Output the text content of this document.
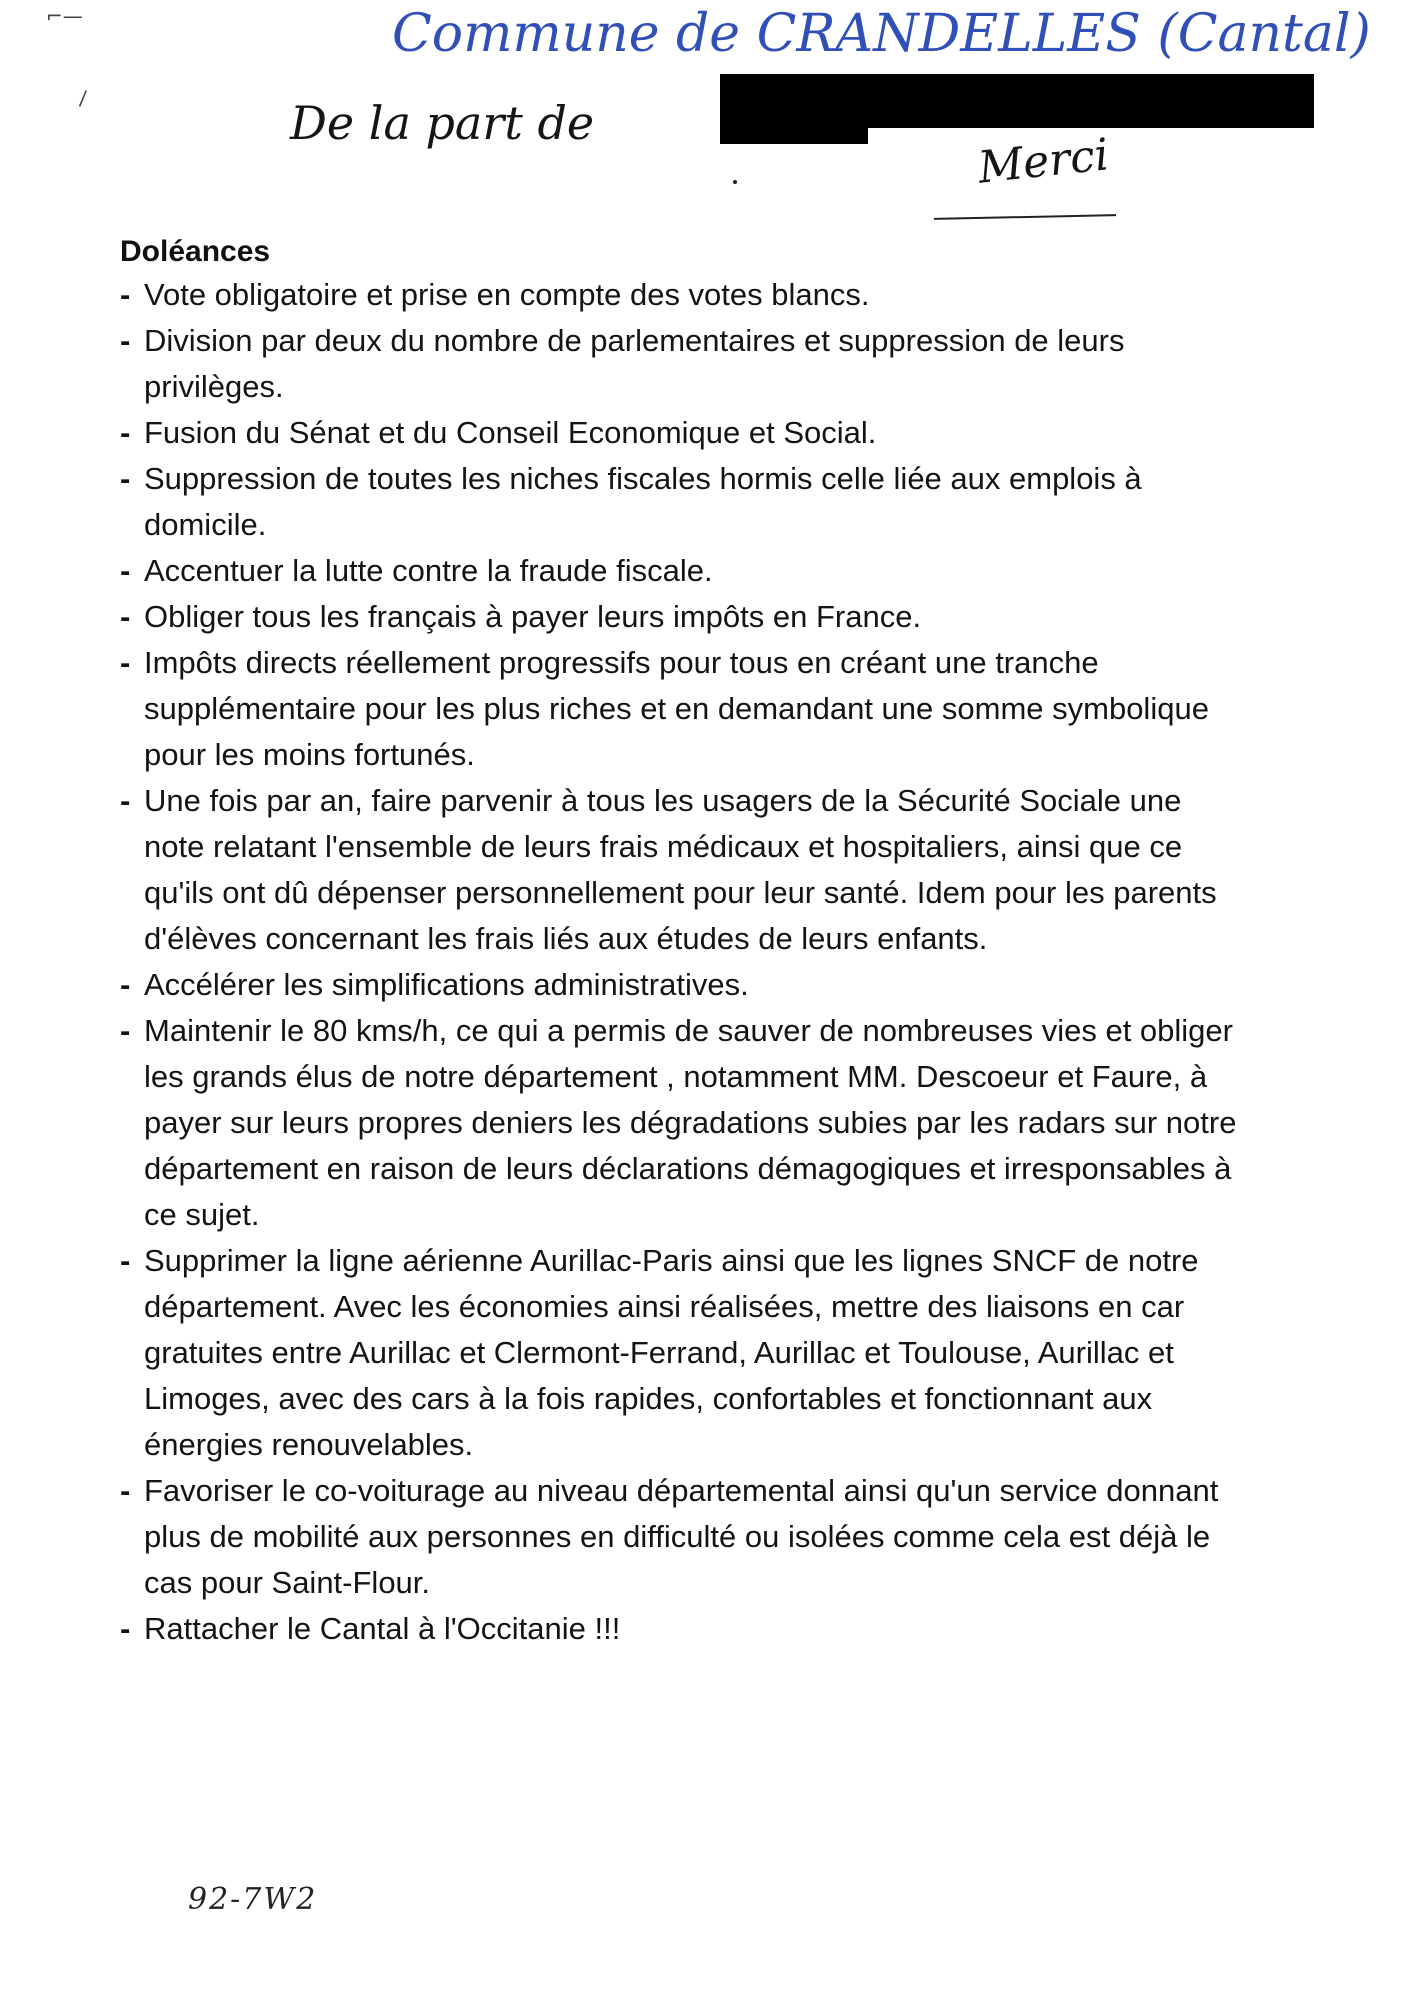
⌐—
\
Commune de CRANDELLES (Cantal)
De la part de
Merci
Doléances
- Vote obligatoire et prise en compte des votes blancs.
- Division par deux du nombre de parlementaires et suppression de leurs privilèges.
- Fusion du Sénat et du Conseil Economique et Social.
- Suppression de toutes les niches fiscales hormis celle liée aux emplois à domicile.
- Accentuer la lutte contre la fraude fiscale.
- Obliger tous les français à payer leurs impôts en France.
- Impôts directs réellement progressifs pour tous en créant une tranche supplémentaire pour les plus riches et en demandant une somme symbolique pour les moins fortunés.
- Une fois par an, faire parvenir à tous les usagers de la Sécurité Sociale une note relatant l'ensemble de leurs frais médicaux et hospitaliers, ainsi que ce qu'ils ont dû dépenser personnellement pour leur santé. Idem pour les parents d'élèves concernant les frais liés aux études de leurs enfants.
- Accélérer les simplifications administratives.
- Maintenir le 80 kms/h, ce qui a permis de sauver de nombreuses vies et obliger les grands élus de notre département , notamment MM. Descoeur et Faure, à payer sur leurs propres deniers les dégradations subies par les radars sur notre département en raison de leurs déclarations démagogiques et irresponsables à ce sujet.
- Supprimer la ligne aérienne Aurillac-Paris ainsi que les lignes SNCF de notre département. Avec les économies ainsi réalisées, mettre des liaisons en car gratuites entre Aurillac et Clermont-Ferrand, Aurillac et Toulouse, Aurillac et Limoges, avec des cars à la fois rapides, confortables et fonctionnant aux énergies renouvelables.
- Favoriser le co-voiturage au niveau départemental ainsi qu'un service donnant plus de mobilité aux personnes en difficulté ou isolées comme cela est déjà le cas pour Saint-Flour.
- Rattacher le Cantal à l'Occitanie !!!
92-7W2
